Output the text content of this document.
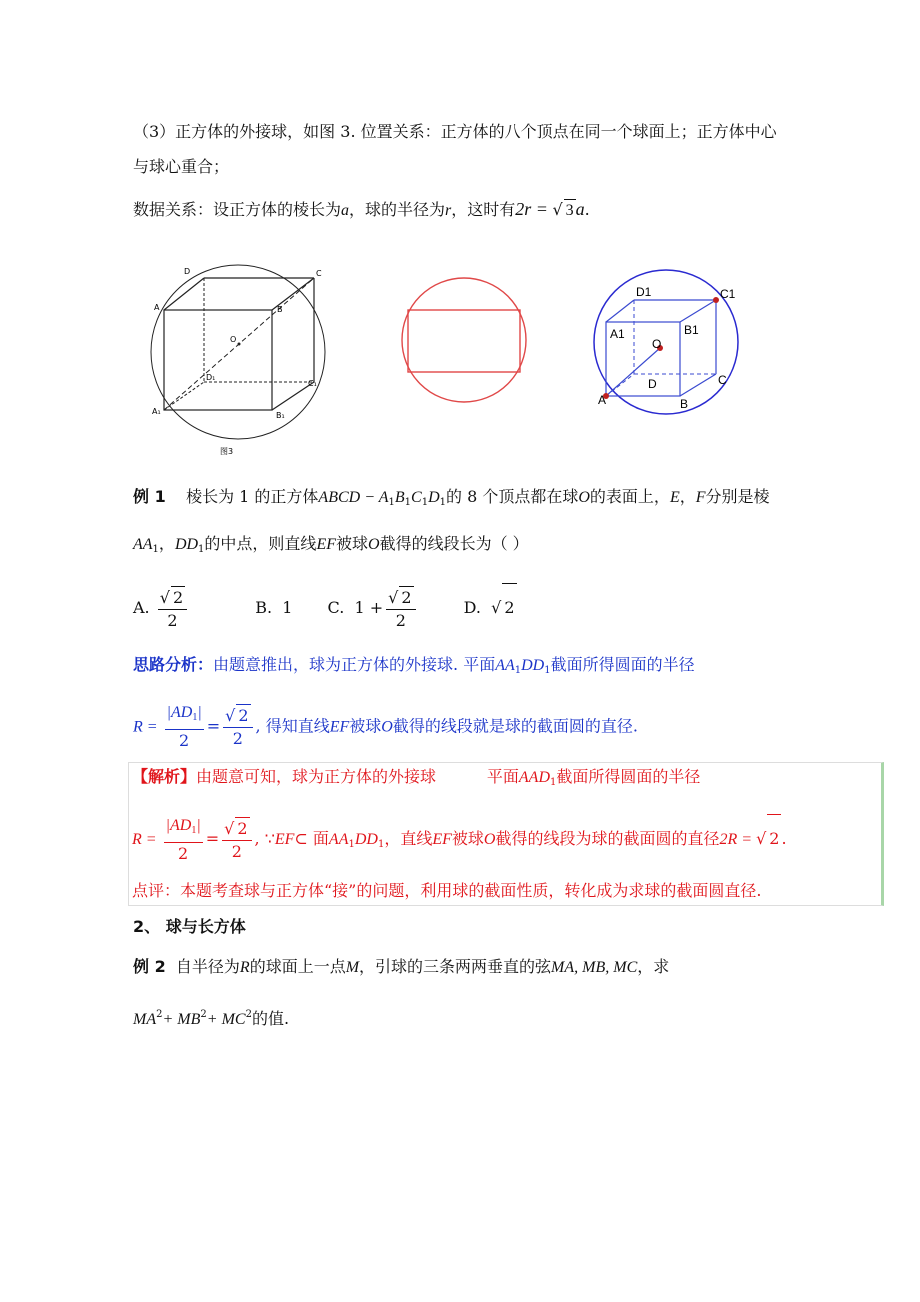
（3）正方体的外接球，如图 3. 位置关系：正方体的八个顶点在同一个球面上；正方体中心
与球心重合；
数据关系：设正方体的棱长为a，球的半径为r，这时有2r = √ 3 a.
D	C
A	B
O
C₁
B₁
A₁
D₁
图3
D1	C1
A1	B1
O
D	C
A	B
例 1 棱长为 1 的正方体ABCD − $A_1B_1C_1D_1$的 8 个顶点都在球O的表面上，E，F分别是棱
$AA_1$，$DD_1$的中点，则直线EF被球O截得的线段长为（ ）
A. $\frac{√ 2}{2}$	B. 1 C. $1 + \frac{√ 2}{2}$	D.  √ 2
思路分析：由题意推出，球为正方体的外接球. 平面$AA_1DD_1$截面所得圆面的半径
$R = \frac{|AD_1|}{2} = \frac{√ 2}{2}$ , 得知直线EF被球O截得的线段就是球的截面圆的直径.
【解析】由题意可知，球为正方体的外接球	平面$AAD_1$截面所得圆面的半径
$R = \frac{|AD_1|}{2} = \frac{√ 2}{2}$ , ∵EF⊂ 面$AA_1DD_1$，直线EF被球O截得的线段为球的截面圆的直径2R = √ 2 .
点评：本题考查球与正方体“接”的问题，利用球的截面性质，转化成为求球的截面圆直径.
2、 球与长方体
例 2 自半径为R的球面上一点M，引球的三条两两垂直的弦MA, MB, MC，求
$MA^2+ MB^2+ MC^2$的值.
